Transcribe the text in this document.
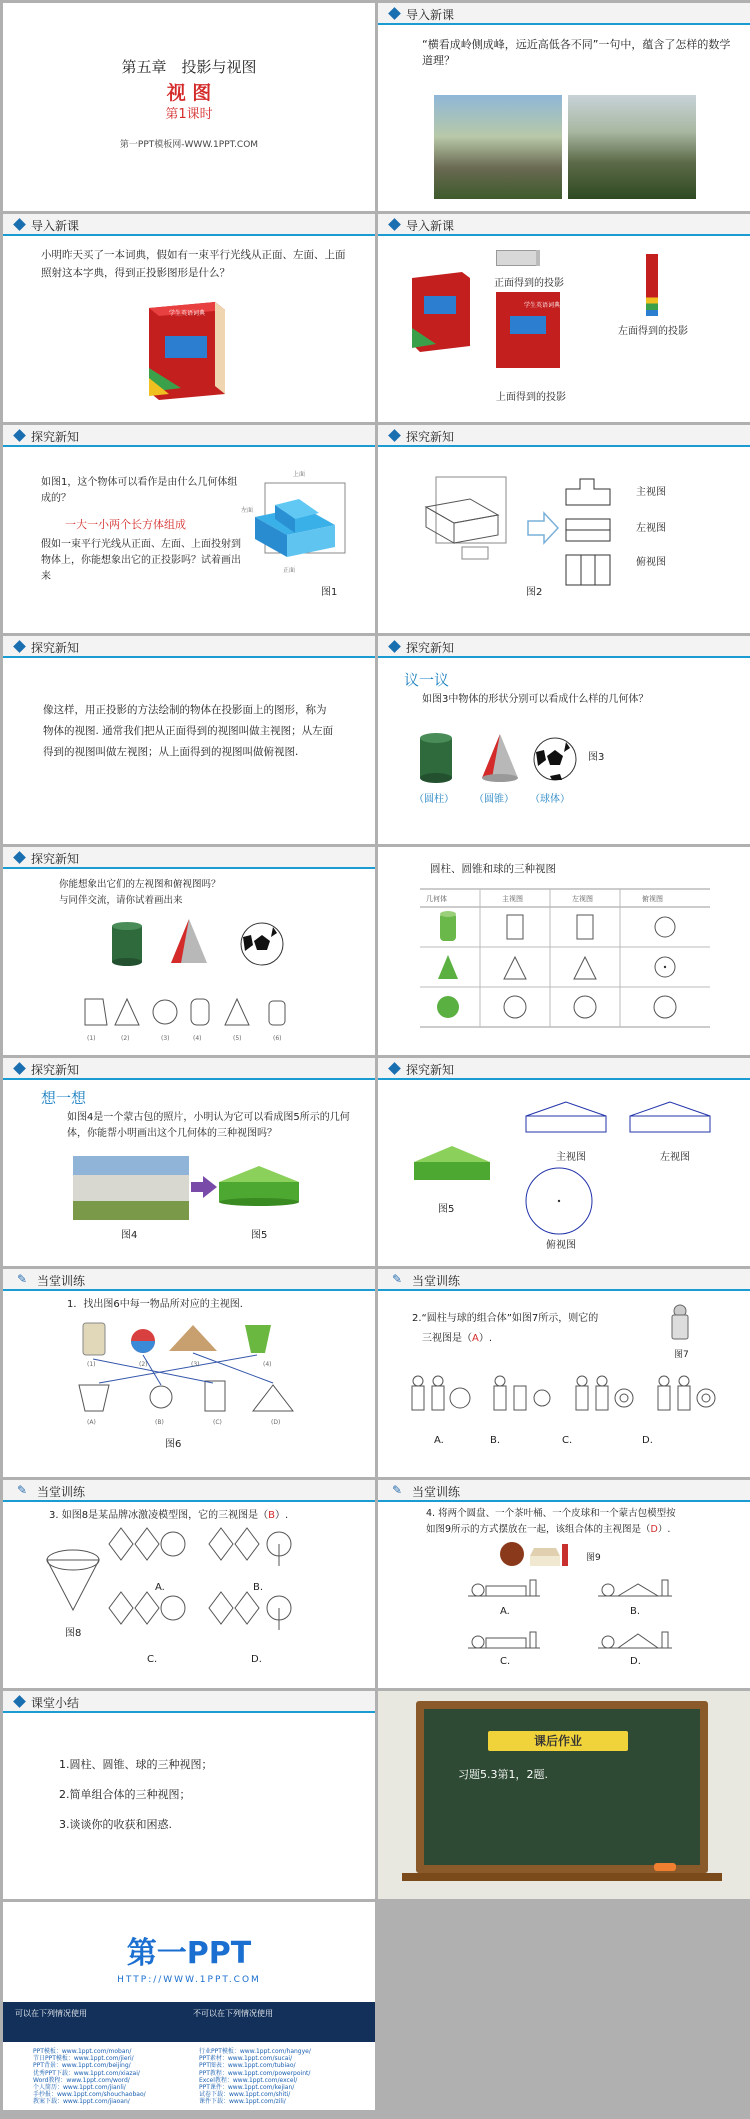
第五章　投影与视图
视 图
第1课时
第一PPT模板网-WWW.1PPT.COM
导入新课
“横看成岭侧成峰，远近高低各不同”一句中，蕴含了怎样的数学道理？
导入新课
小明昨天买了一本词典，假如有一束平行光线从正面、左面、上面照射这本字典，得到正投影图形是什么？
学生英语词典
导入新课
正面得到的投影
学生英语词典
左面得到的投影
上面得到的投影
探究新知
如图1，这个物体可以看作是由什么几何体组成的？
一大一小两个长方体组成
假如一束平行光线从正面、左面、上面投射到物体上，你能想象出它的正投影吗？试着画出来
上面
左面
正面
图1
探究新知
主视图
左视图
俯视图
图2
探究新知
像这样，用正投影的方法绘制的物体在投影面上的图形，称为物体的视图. 通常我们把从正面得到的视图叫做主视图；从左面得到的视图叫做左视图；从上面得到的视图叫做俯视图.
探究新知
议一议
如图3中物体的形状分别可以看成什么样的几何体？
图3
（圆柱） （圆锥） （球体）
探究新知
你能想象出它们的左视图和俯视图吗？
与同伴交流，请你试着画出来
(1)	(2)	(3)	(4)	(5)	(6)
圆柱、圆锥和球的三种视图
几何体	主视图	左视图	俯视图
探究新知
想一想
如图4是一个蒙古包的照片，小明认为它可以看成图5所示的几何体，你能帮小明画出这个几何体的三种视图吗？
图4	图5
探究新知
图5
主视图	左视图
俯视图
✎ 当堂训练
1．找出图6中每一物品所对应的主视图.
(1)	(2)	(3)	(4)
(A)	(B)	(C)	(D)
图6
✎ 当堂训练
2.“圆柱与球的组合体”如图7所示，则它的
三视图是（A）.
图7
A.	B.	C.	D.
✎ 当堂训练
3. 如图8是某品牌冰激凌模型图，它的三视图是（B）.
图8
A.	B.
C.	D.
✎ 当堂训练
4. 将两个圆盘、一个茶叶桶、一个皮球和一个蒙古包模型按
如图9所示的方式摆放在一起，该组合体的主视图是（D）.
图9
A.	B.
C.	D.
课堂小结
1.圆柱、圆锥、球的三种视图；
2.简单组合体的三种视图；
3.谈谈你的收获和困惑.
课后作业
习题5.3第1，2题.
第一PPT
HTTP://WWW.1PPT.COM
可以在下列情况使用	不可以在下列情况使用
PPT模板：www.1ppt.com/moban/
节日PPT模板：www.1ppt.com/jieri/
PPT背景：www.1ppt.com/beijing/
优秀PPT下载：www.1ppt.com/xiazai/
Word教程：www.1ppt.com/word/
个人简历：www.1ppt.com/jianli/
手抄报：www.1ppt.com/shouchaobao/
教案下载：www.1ppt.com/jiaoan/
行业PPT模板：www.1ppt.com/hangye/
PPT素材：www.1ppt.com/sucai/
PPT图表：www.1ppt.com/tubiao/
PPT教程：www.1ppt.com/powerpoint/
Excel教程：www.1ppt.com/excel/
PPT课件：www.1ppt.com/kejian/
试卷下载：www.1ppt.com/shiti/
课件下载：www.1ppt.com/zili/
